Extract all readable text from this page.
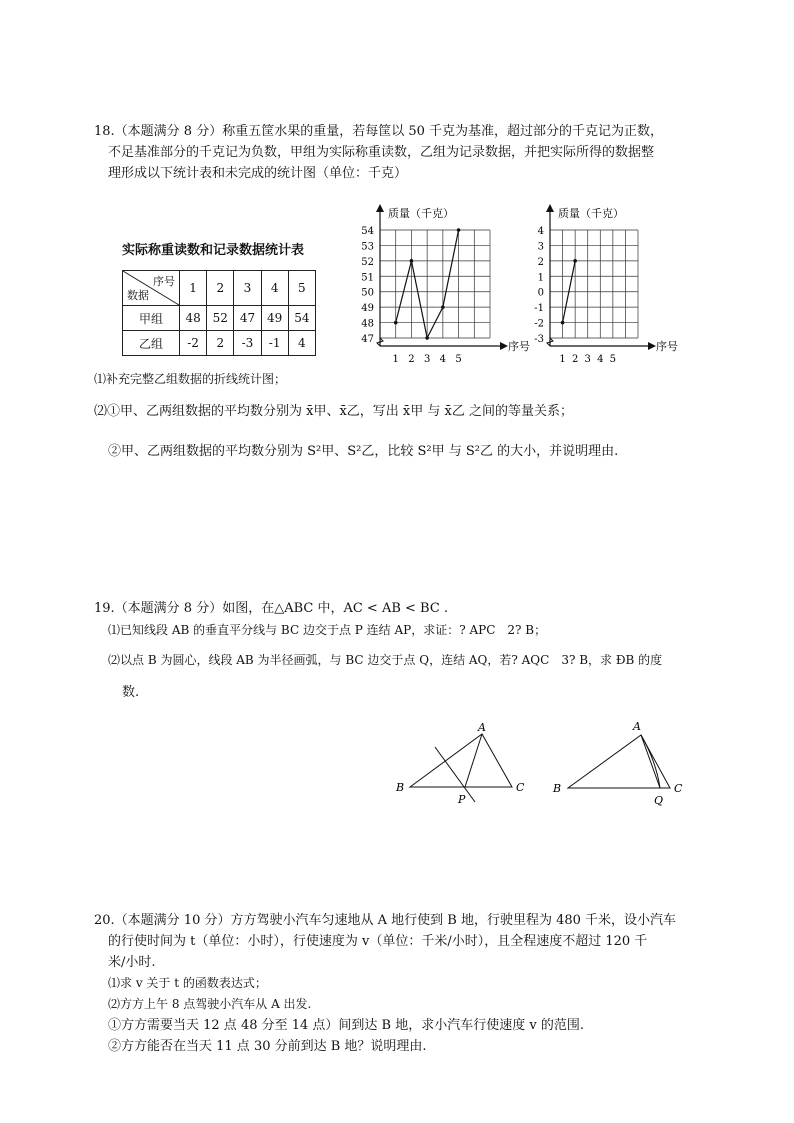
18.（本题满分 8 分）称重五筐水果的重量，若每筐以 50 千克为基准，超过部分的千克记为正数，
不足基准部分的千克记为负数，甲组为实际称重读数，乙组为记录数据，并把实际所得的数据整
理形成以下统计表和未完成的统计图（单位：千克）
实际称重读数和记录数据统计表
序号
数据	1	2	3	4	5
甲组	48	52	47	49	54
乙组	-2	2	-3	-1	4
质量（千克）
序号
54
53
52
51
50
49
48
47
1 2 3 4 5
质量（千克）
序号
4
3
2
1
0
-1
-2
-3
1 2 3 4 5
⑴补充完整乙组数据的折线统计图；
⑵①甲、乙两组数据的平均数分别为 x̄甲、x̄乙，写出 x̄甲 与 x̄乙 之间的等量关系；
②甲、乙两组数据的平均数分别为 S²甲、S²乙，比较 S²甲 与 S²乙 的大小，并说明理由.
19.（本题满分 8 分）如图，在△ABC 中，AC < AB < BC .
⑴已知线段 AB 的垂直平分线与 BC 边交于点 P 连结 AP，求证：? APC　2? B；
⑵以点 B 为圆心，线段 AB 为半径画弧，与 BC 边交于点 Q，连结 AQ，若? AQC　3? B，求 ÐB 的度
数.
A
B	C
P
A
B	C
Q
20.（本题满分 10 分）方方驾驶小汽车匀速地从 A 地行使到 B 地，行驶里程为 480 千米，设小汽车
的行使时间为 t（单位：小时），行使速度为 v（单位：千米/小时），且全程速度不超过 120 千
米/小时.
⑴求 v 关于 t 的函数表达式；
⑵方方上午 8 点驾驶小汽车从 A 出发.
①方方需要当天 12 点 48 分至 14 点）间到达 B 地，求小汽车行使速度 v 的范围.
②方方能否在当天 11 点 30 分前到达 B 地？说明理由.
